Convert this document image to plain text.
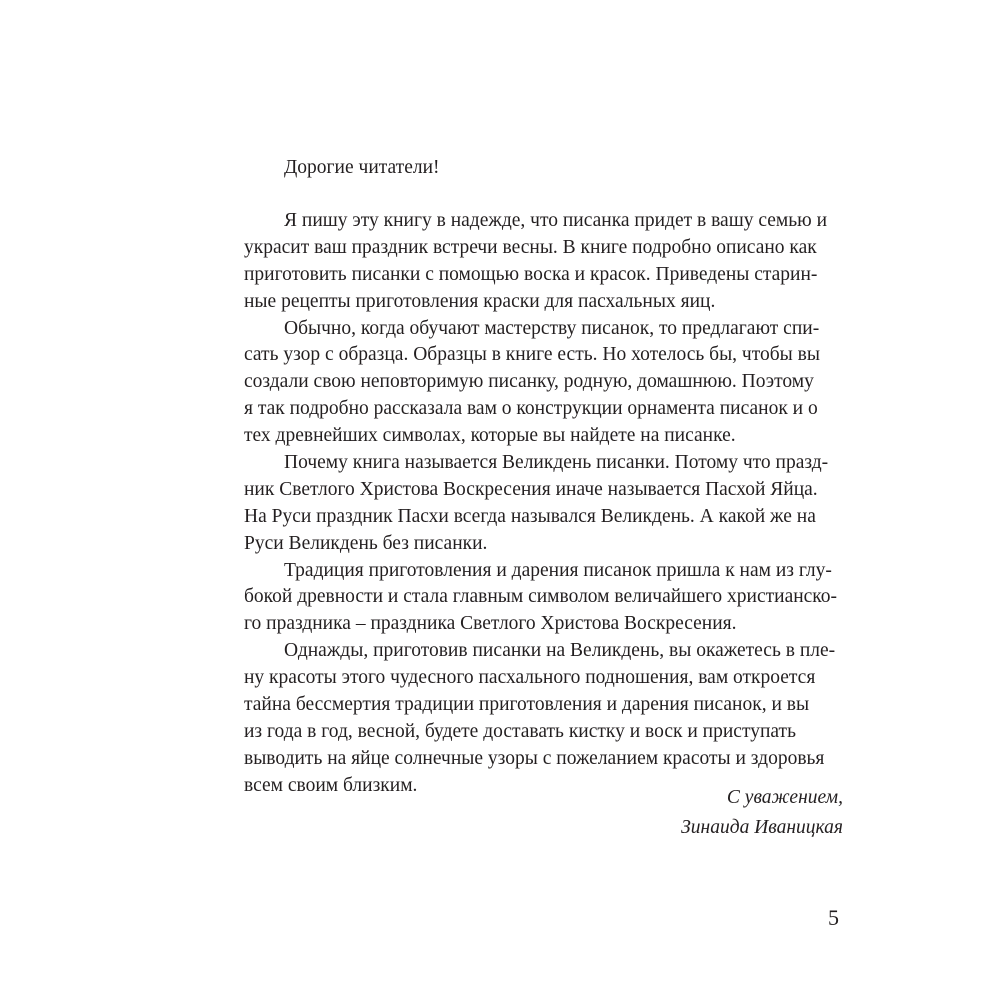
Дорогие читатели!

Я пишу эту книгу в надежде, что писанка придет в вашу семью и
украсит ваш праздник встречи весны. В книге подробно описано как
приготовить писанки с помощью воска и красок. Приведены старин-
ные рецепты приготовления краски для пасхальных яиц.
Обычно, когда обучают мастерству писанок, то предлагают спи-
сать узор с образца. Образцы в книге есть. Но хотелось бы, чтобы вы
создали свою неповторимую писанку, родную, домашнюю. Поэтому
я так подробно рассказала вам о конструкции орнамента писанок и о
тех древнейших символах, которые вы найдете на писанке.
Почему книга называется Великдень писанки. Потому что празд-
ник Светлого Христова Воскресения иначе называется Пасхой Яйца.
На Руси праздник Пасхи всегда назывался Великдень. А какой же на
Руси Великдень без писанки.
Традиция приготовления и дарения писанок пришла к нам из глу-
бокой древности и стала главным символом величайшего христианско-
го праздника – праздника Светлого Христова Воскресения.
Однажды, приготовив писанки на Великдень, вы окажетесь в пле-
ну красоты этого чудесного пасхального подношения, вам откроется
тайна бессмертия традиции приготовления и дарения писанок, и вы
из года в год, весной, будете доставать кистку и воск и приступать
выводить на яйце солнечные узоры с пожеланием красоты и здоровья
всем своим близким.
С уважением,
Зинаида Иваницкая
5
